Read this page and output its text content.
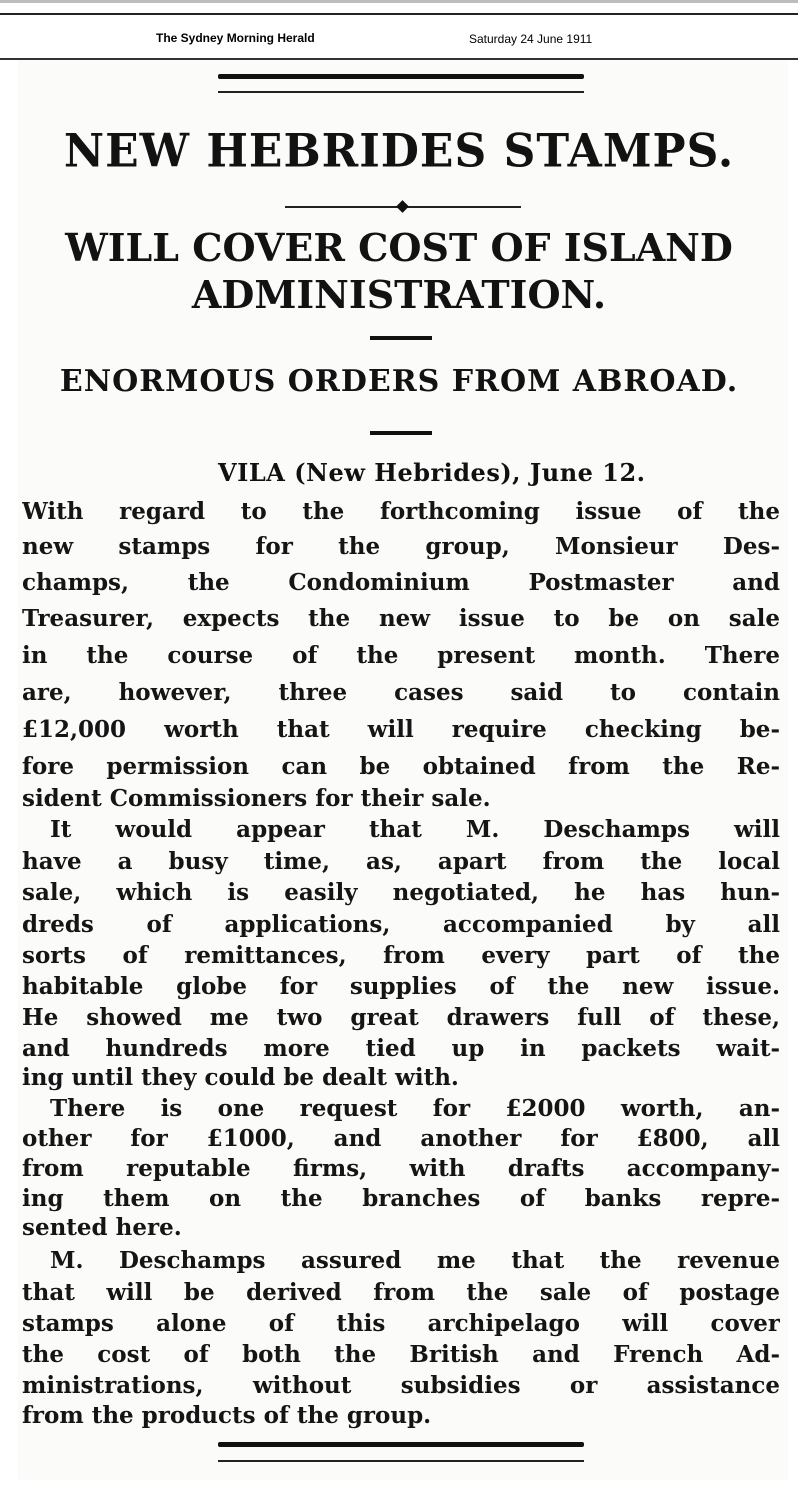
The Sydney Morning Herald	Saturday 24 June 1911
NEW HEBRIDES STAMPS.
WILL COVER COST OF ISLAND
ADMINISTRATION.
ENORMOUS ORDERS FROM ABROAD.
VILA (New Hebrides), June 12.
With regard to the forthcoming issue of the
new stamps for the group, Monsieur Des-
champs, the Condominium Postmaster and
Treasurer, expects the new issue to be on sale
in the course of the present month. There
are, however, three cases said to contain
£12,000 worth that will require checking be-
fore permission can be obtained from the Re-
sident Commissioners for their sale.
It would appear that M. Deschamps will
have a busy time, as, apart from the local
sale, which is easily negotiated, he has hun-
dreds of applications, accompanied by all
sorts of remittances, from every part of the
habitable globe for supplies of the new issue.
He showed me two great drawers full of these,
and hundreds more tied up in packets wait-
ing until they could be dealt with.
There is one request for £2000 worth, an-
other for £1000, and another for £800, all
from reputable firms, with drafts accompany-
ing them on the branches of banks repre-
sented here.
M. Deschamps assured me that the revenue
that will be derived from the sale of postage
stamps alone of this archipelago will cover
the cost of both the British and French Ad-
ministrations, without subsidies or assistance
from the products of the group.
